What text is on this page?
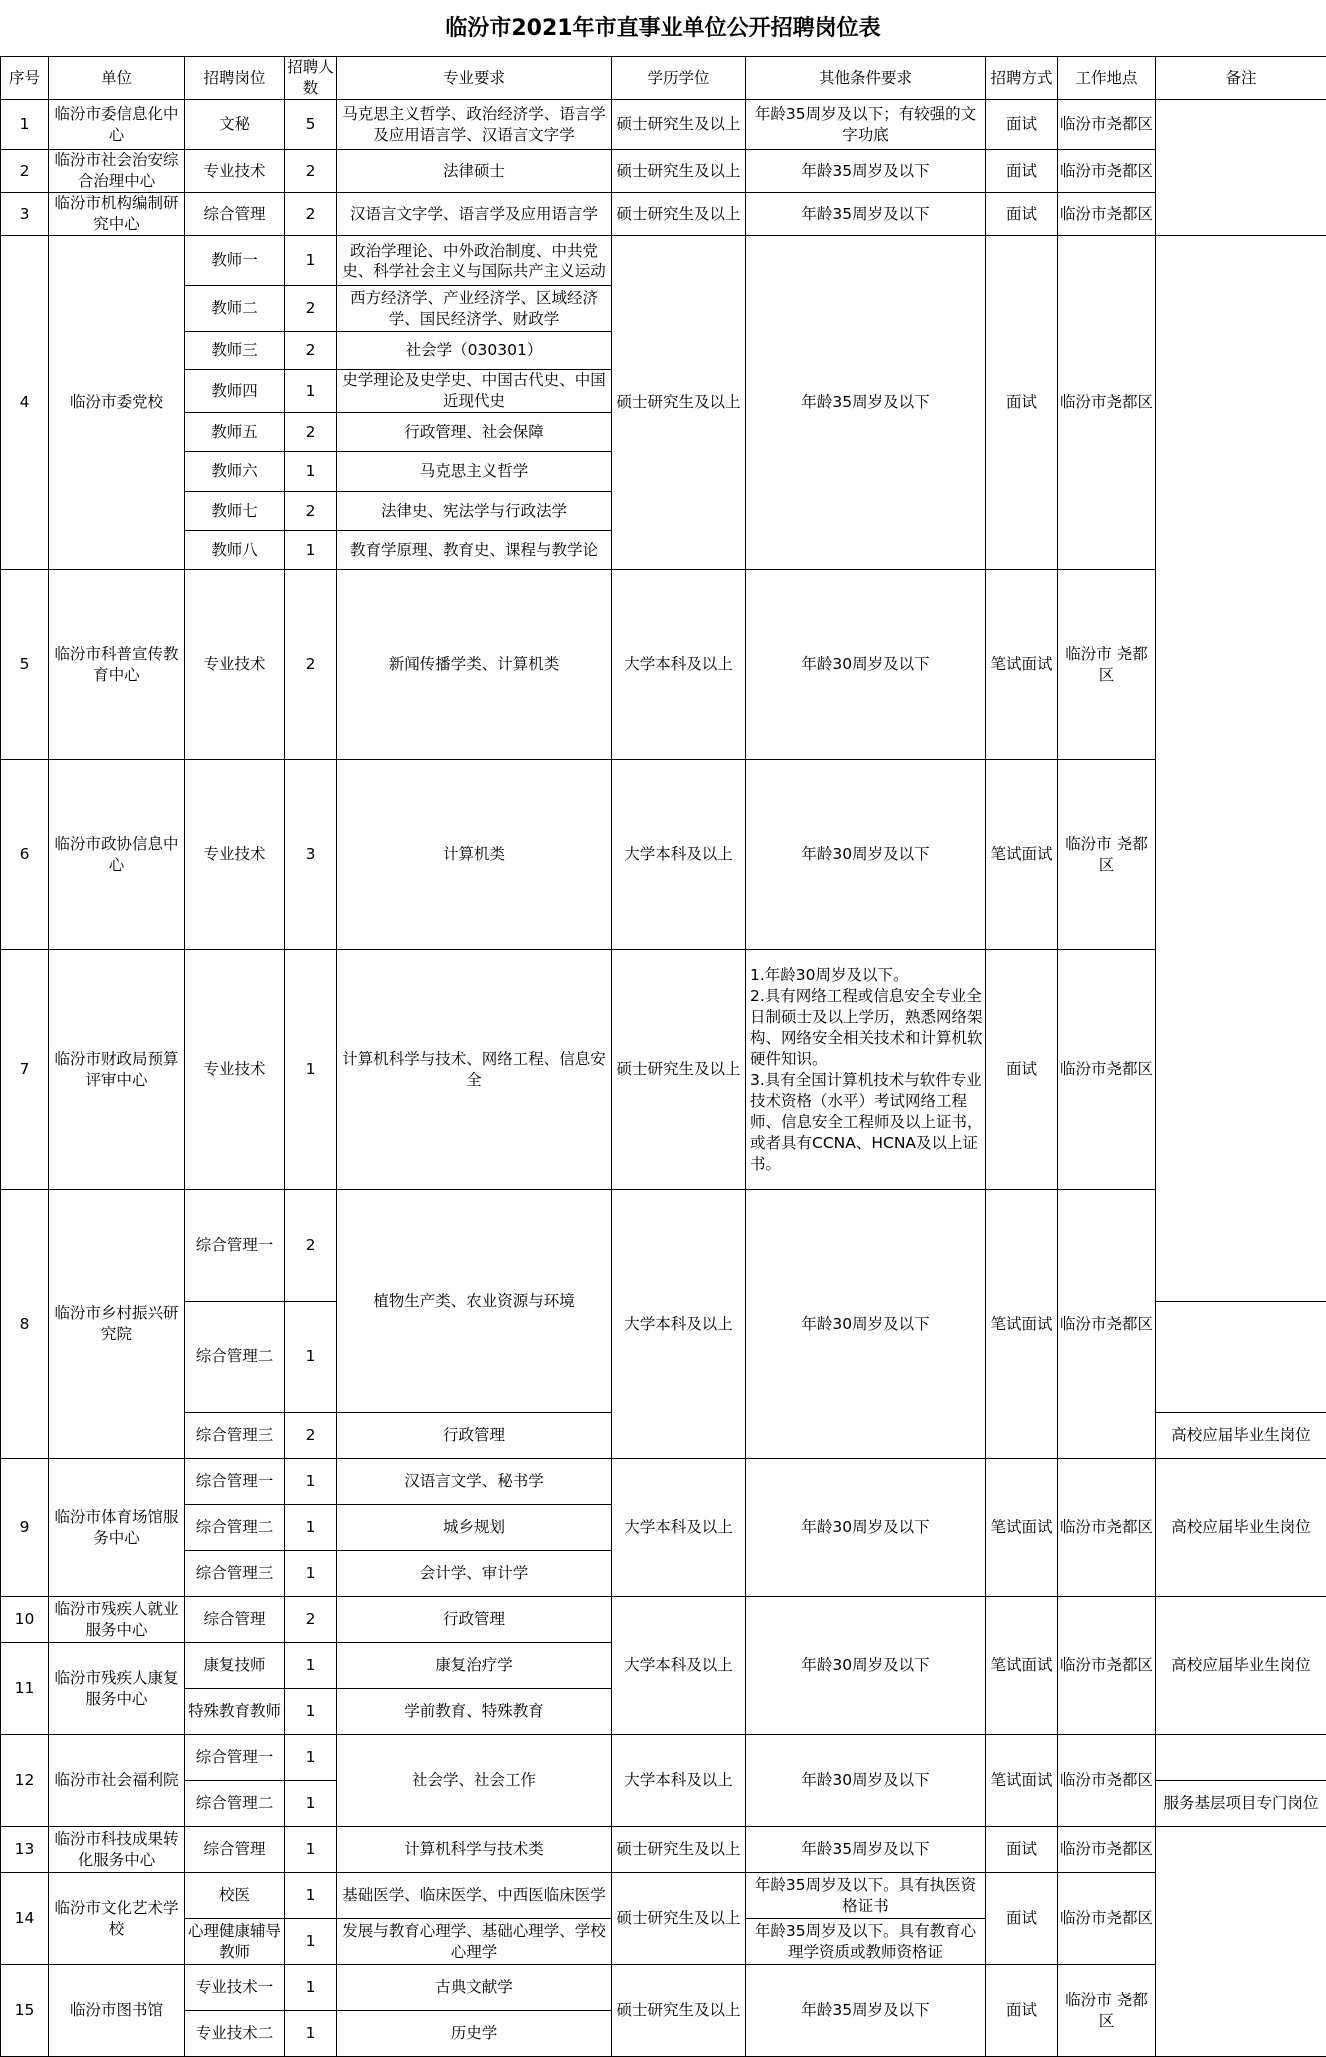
临汾市2021年市直事业单位公开招聘岗位表
序号	单位	招聘岗位	招聘人数	专业要求	学历学位	其他条件要求	招聘方式	工作地点	备注	
1	临汾市委信息化中心	文秘	5	马克思主义哲学、政治经济学、语言学及应用语言学、汉语言文字学	硕士研究生及以上	年龄35周岁及以下；有较强的文字功底	面试	临汾市尧都区		
2	临汾市社会治安综合治理中心	专业技术	2	法律硕士	硕士研究生及以上	年龄35周岁及以下	面试	临汾市尧都区		
3	临汾市机构编制研究中心	综合管理	2	汉语言文字学、语言学及应用语言学	硕士研究生及以上	年龄35周岁及以下	面试	临汾市尧都区		
4	临汾市委党校	教师一	1	政治学理论、中外政治制度、中共党史、科学社会主义与国际共产主义运动	硕士研究生及以上	年龄35周岁及以下	面试	临汾市尧都区		
		教师二	2	西方经济学、产业经济学、区域经济学、国民经济学、财政学						
		教师三	2	社会学（030301）						
		教师四	1	史学理论及史学史、中国古代史、中国近现代史						
		教师五	2	行政管理、社会保障						
		教师六	1	马克思主义哲学						
		教师七	2	法律史、宪法学与行政法学						
		教师八	1	教育学原理、教育史、课程与教学论						
5	临汾市科普宣传教育中心	专业技术	2	新闻传播学类、计算机类	大学本科及以上	年龄30周岁及以下	笔试面试	临汾市 尧都区	
6	临汾市政协信息中心	专业技术	3	计算机类	大学本科及以上	年龄30周岁及以下	笔试面试	临汾市 尧都区	
7	临汾市财政局预算评审中心	专业技术	1	计算机科学与技术、网络工程、信息安全	硕士研究生及以上	1.年龄30周岁及以下。
2.具有网络工程或信息安全专业全日制硕士及以上学历，熟悉网络架构、网络安全相关技术和计算机软硬件知识。
3.具有全国计算机技术与软件专业技术资格（水平）考试网络工程师、信息安全工程师及以上证书，或者具有CCNA、HCNA及以上证书。	面试	临汾市尧都区		
8	临汾市乡村振兴研究院	综合管理一	2	植物生产类、农业资源与环境	大学本科及以上	年龄30周岁及以下	笔试面试	临汾市尧都区	
		综合管理二	1							
		综合管理三	2	行政管理					高校应届毕业生岗位	
9	临汾市体育场馆服务中心	综合管理一	1	汉语言文学、秘书学	大学本科及以上	年龄30周岁及以下	笔试面试	临汾市尧都区	高校应届毕业生岗位	
		综合管理二	1	城乡规划						
		综合管理三	1	会计学、审计学						
10	临汾市残疾人就业服务中心	综合管理	2	行政管理	大学本科及以上	年龄30周岁及以下	笔试面试	临汾市尧都区	高校应届毕业生岗位	
11	临汾市残疾人康复服务中心	康复技师	1	康复治疗学						
		特殊教育教师	1	学前教育、特殊教育						
12	临汾市社会福利院	综合管理一	1	社会学、社会工作	大学本科及以上	年龄30周岁及以下	笔试面试	临汾市尧都区		
		综合管理二	1						服务基层项目专门岗位	
13	临汾市科技成果转化服务中心	综合管理	1	计算机科学与技术类	硕士研究生及以上	年龄35周岁及以下	面试	临汾市尧都区		
14	临汾市文化艺术学校	校医	1	基础医学、临床医学、中西医临床医学	硕士研究生及以上	年龄35周岁及以下。具有执医资格证书	面试	临汾市尧都区		
		心理健康辅导教师	1	发展与教育心理学、基础心理学、学校心理学		年龄35周岁及以下。具有教育心理学资质或教师资格证				
15	临汾市图书馆	专业技术一	1	古典文献学	硕士研究生及以上	年龄35周岁及以下	面试	临汾市 尧都区		
		专业技术二	1	历史学						
